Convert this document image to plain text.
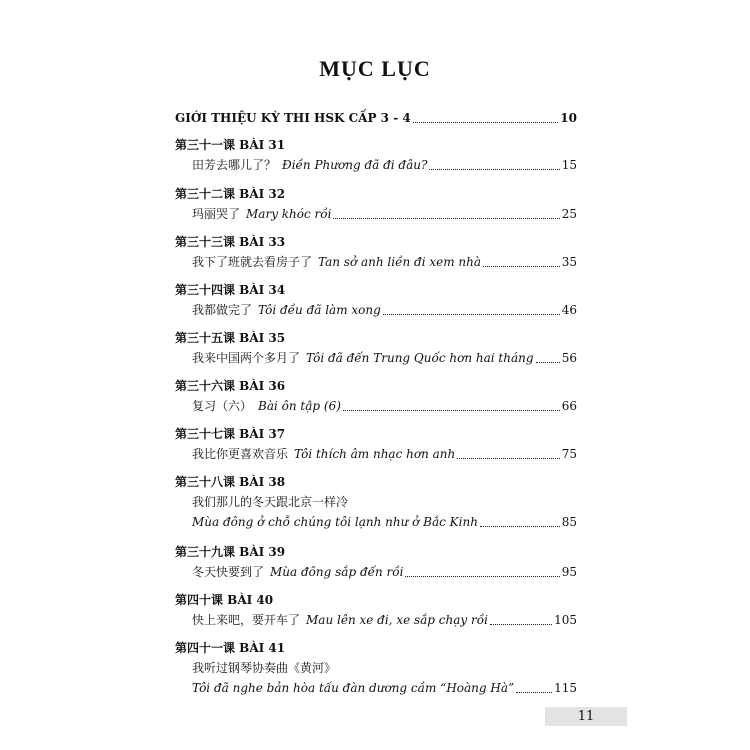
MỤC LỤC
GIỚI THIỆU KỲ THI HSK CẤP 3 - 4	10
第三十一课 BÀI 31
田芳去哪儿了？ Điền Phương đã đi đâu?	15
第三十二课 BÀI 32
玛丽哭了 Mary khóc rồi	25
第三十三课 BÀI 33
我下了班就去看房子了 Tan sở anh liền đi xem nhà	35
第三十四课 BÀI 34
我都做完了 Tôi đều đã làm xong	46
第三十五课 BÀI 35
我来中国两个多月了 Tôi đã đến Trung Quốc hơn hai tháng 56
第三十六课 BÀI 36
复习（六） Bài ôn tập (6)	66
第三十七课 BÀI 37
我比你更喜欢音乐 Tôi thích âm nhạc hơn anh	75
第三十八课 BÀI 38
我们那儿的冬天跟北京一样冷
Mùa đông ở chỗ chúng tôi lạnh như ở Bắc Kinh	85
第三十九课 BÀI 39
冬天快要到了 Mùa đông sắp đến rồi	95
第四十课 BÀI 40
快上来吧，要开车了 Mau lên xe đi, xe sắp chạy rồi	105
第四十一课 BÀI 41
我听过钢琴协奏曲《黄河》
Tôi đã nghe bản hòa tấu đàn dương cầm “Hoàng Hà”	115
11
